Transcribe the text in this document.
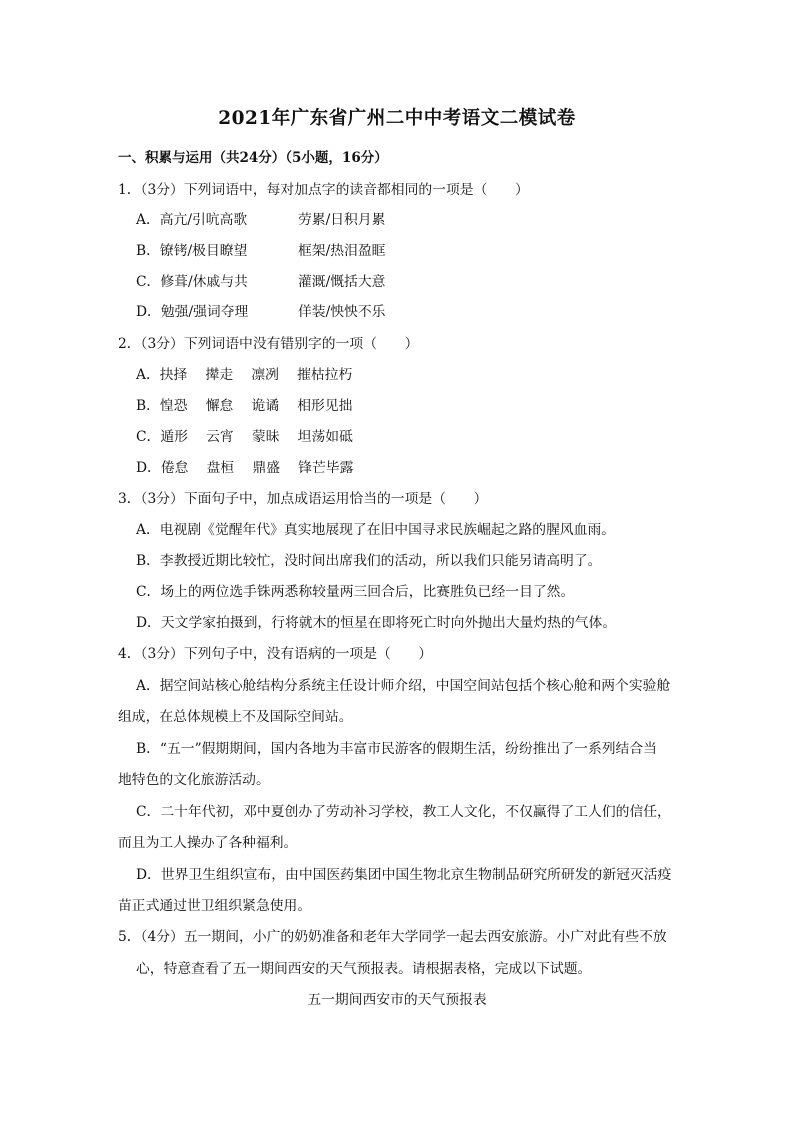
2021年广东省广州二中中考语文二模试卷
一、积累与运用（共24分）（5小题，16分）
1．（3分）下列词语中，每对加点字的读音都相同的一项是（　　）
A．高亢/引吭高歌	劳累/日积月累
B．镣铐/极目瞭望	框架/热泪盈眶
C．修葺/休戚与共	灌溉/慨括大意
D．勉强/强词夺理	佯装/怏怏不乐
2．（3分）下列词语中没有错别字的一项（　　）
A．抉择　 撵走　 凛冽　 摧枯拉朽
B．惶恐　 懈怠　 诡谲　 相形见拙
C．遁形　 云宵　 蒙昧　 坦荡如砥
D．倦怠　 盘桓　 鼎盛　 锋芒毕露
3．（3分）下面句子中，加点成语运用恰当的一项是（　　）
A．电视剧《觉醒年代》真实地展现了在旧中国寻求民族崛起之路的腥风血雨。
B．李教授近期比较忙，没时间出席我们的活动，所以我们只能另请高明了。
C．场上的两位选手铢两悉称较量两三回合后，比赛胜负已经一目了然。
D．天文学家拍摄到，行将就木的恒星在即将死亡时向外抛出大量灼热的气体。
4．（3分）下列句子中，没有语病的一项是（　　）
A．据空间站核心舱结构分系统主任设计师介绍，中国空间站包括个核心舱和两个实验舱
组成，在总体规模上不及国际空间站。
B．“五一”假期期间，国内各地为丰富市民游客的假期生活，纷纷推出了一系列结合当
地特色的文化旅游活动。
C．二十年代初，邓中夏创办了劳动补习学校，教工人文化，不仅赢得了工人们的信任，
而且为工人操办了各种福利。
D．世界卫生组织宣布，由中国医药集团中国生物北京生物制品研究所研发的新冠灭活疫
苗正式通过世卫组织紧急使用。
5．（4分）五一期间，小广的奶奶准备和老年大学同学一起去西安旅游。小广对此有些不放
心，特意查看了五一期间西安的天气预报表。请根据表格，完成以下试题。
五一期间西安市的天气预报表
